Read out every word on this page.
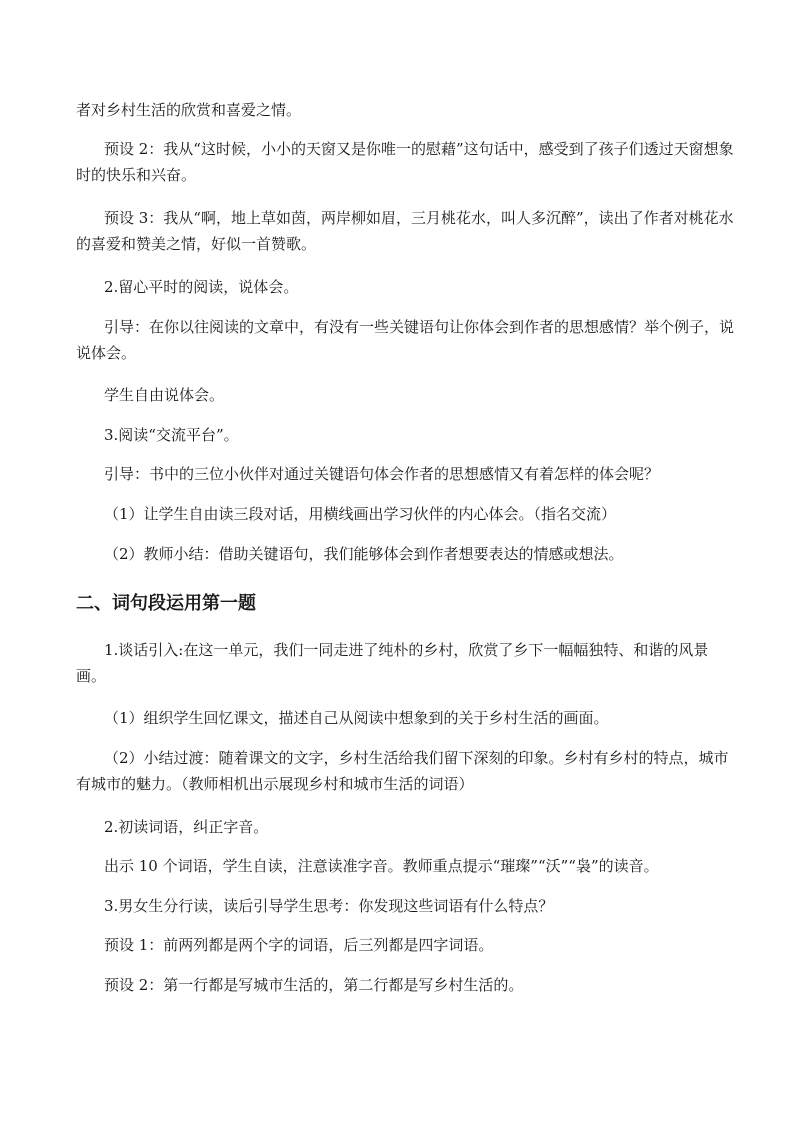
者对乡村生活的欣赏和喜爱之情。

预设 2：我从“这时候，小小的天窗又是你唯一的慰藉”这句话中，感受到了孩子们透过天窗想象时的快乐和兴奋。

预设 3：我从“啊，地上草如茵，两岸柳如眉，三月桃花水，叫人多沉醉”，读出了作者对桃花水的喜爱和赞美之情，好似一首赞歌。

2.留心平时的阅读，说体会。

引导：在你以往阅读的文章中，有没有一些关键语句让你体会到作者的思想感情？举个例子，说说体会。

学生自由说体会。

3.阅读“交流平台”。

引导：书中的三位小伙伴对通过关键语句体会作者的思想感情又有着怎样的体会呢？

（1）让学生自由读三段对话，用横线画出学习伙伴的内心体会。（指名交流）

（2）教师小结：借助关键语句，我们能够体会到作者想要表达的情感或想法。

二、词句段运用第一题

1.谈话引入:在这一单元，我们一同走进了纯朴的乡村，欣赏了乡下一幅幅独特、和谐的风景画。

（1）组织学生回忆课文，描述自己从阅读中想象到的关于乡村生活的画面。

（2）小结过渡：随着课文的文字，乡村生活给我们留下深刻的印象。乡村有乡村的特点，城市有城市的魅力。（教师相机出示展现乡村和城市生活的词语）

2.初读词语，纠正字音。

出示 10 个词语，学生自读，注意读准字音。教师重点提示“璀璨”“沃”“袅”的读音。

3.男女生分行读，读后引导学生思考：你发现这些词语有什么特点？

预设 1：前两列都是两个字的词语，后三列都是四字词语。

预设 2：第一行都是写城市生活的，第二行都是写乡村生活的。
